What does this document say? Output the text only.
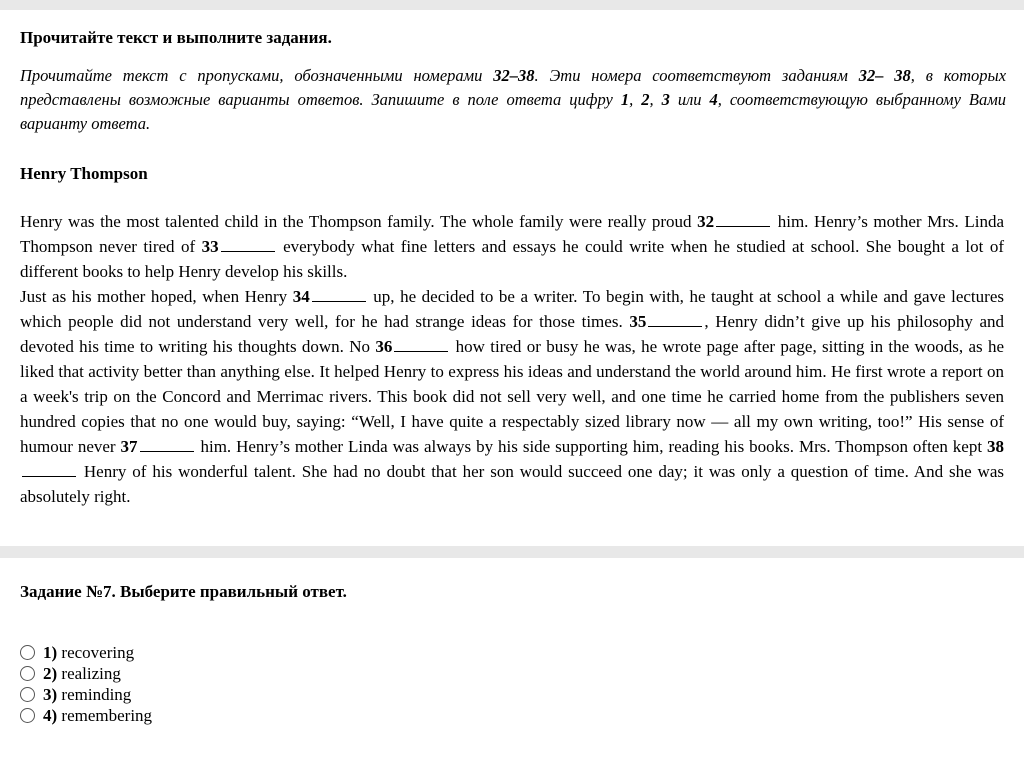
Прочитайте текст и выполните задания.
Прочитайте текст с пропусками, обозначенными номерами 32–38. Эти номера соответствуют заданиям 32– 38, в которых представлены возможные варианты ответов. Запишите в поле ответа цифру 1, 2, 3 или 4, соответствующую выбранному Вами варианту ответа.
Henry Thompson

Henry was the most talented child in the Thompson family. The whole family were really proud 32	him. Henry’s mother Mrs. Linda Thompson never tired of 33	everybody what fine letters and essays he could write when he studied at school. She bought a lot of different books to help Henry develop his skills.

Just as his mother hoped, when Henry 34	up, he decided to be a writer. To begin with, he taught at school a while and gave lectures which people did not understand very well, for he had strange ideas for those times. 35	, Henry didn’t give up his philosophy and devoted his time to writing his thoughts down. No 36	how tired or busy he was, he wrote page after page, sitting in the woods, as he liked that activity better than anything else. It helped Henry to express his ideas and understand the world around him. He first wrote a report on a week's trip on the Concord and Merrimac rivers. This book did not sell very well, and one time he carried home from the publishers seven hundred copies that no one would buy, saying: “Well, I have quite a respectably sized library now — all my own writing, too!” His sense of humour never 37	him. Henry’s mother Linda was always by his side supporting him, reading his books. Mrs. Thompson often kept 38 Henry of his wonderful talent. She had no doubt that her son would succeed one day; it was only a question of time. And she was absolutely right.

Задание №7. Выберите правильный ответ.
1) recovering
2) realizing
3) reminding
4) remembering
